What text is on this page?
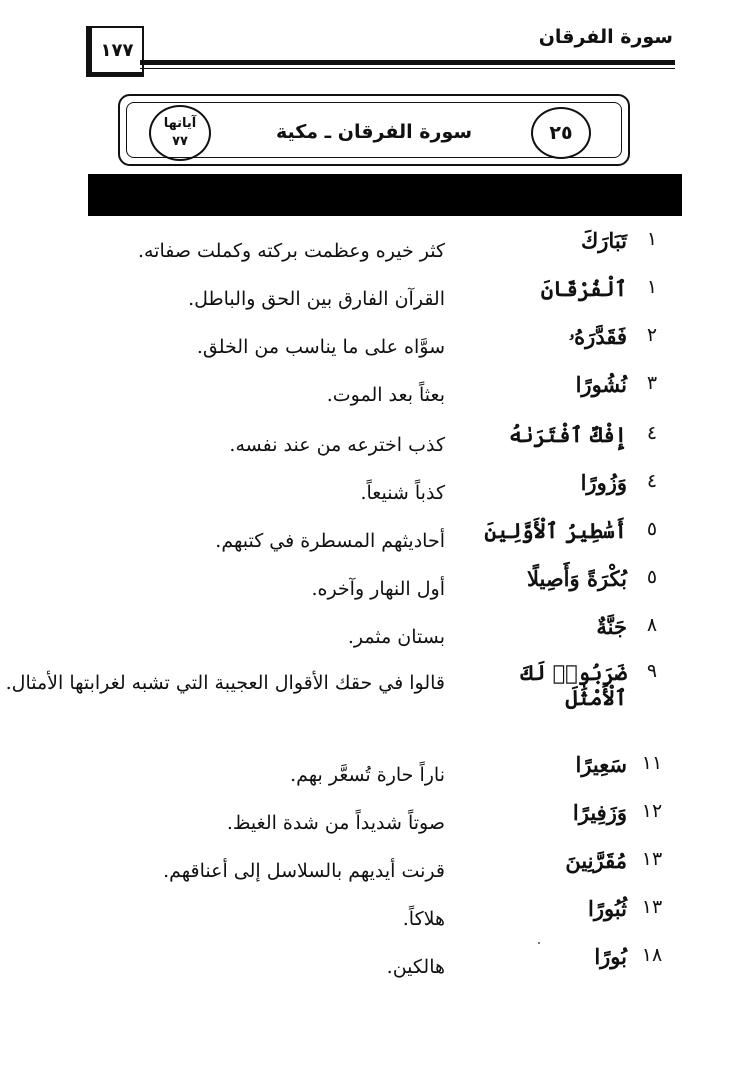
سورة الفرقان
١٧٧
آياتها
٧٧	سورة الفرقان ـ مكية	٢٥
١
تَبَارَكَ
كثر خيره وعظمت بركته وكملت صفاته.
١
ٱلْفُرْقَانَ
القرآن الفارق بين الحق والباطل.
٢
فَقَدَّرَهُۥ
سوَّاه على ما يناسب من الخلق.
٣
نُشُورًا
بعثاً بعد الموت.
٤
إِفْكٌ ٱفْتَرَىٰهُ
كذب اخترعه من عند نفسه.
٤
وَزُورًا
كذباً شنيعاً.
٥
أَسَٰطِيرُ ٱلْأَوَّلِينَ
أحاديثهم المسطرة في كتبهم.
٥
بُكْرَةً وَأَصِيلًا
أول النهار وآخره.
٨
جَنَّةٌ
بستان مثمر.
٩
ضَرَبُوا۟ لَكَ ٱلْأَمْثَٰلَ
قالوا في حقك الأقوال العجيبة التي تشبه لغرابتها الأمثال.
١١
سَعِيرًا
ناراً حارة تُسعَّر بهم.
١٢
وَزَفِيرًا
صوتاً شديداً من شدة الغيظ.
١٣
مُقَرَّنِينَ
قرنت أيديهم بالسلاسل إلى أعناقهم.
١٣
ثُبُورًا
هلاكاً.
١٨
بُورًا
هالكين.
